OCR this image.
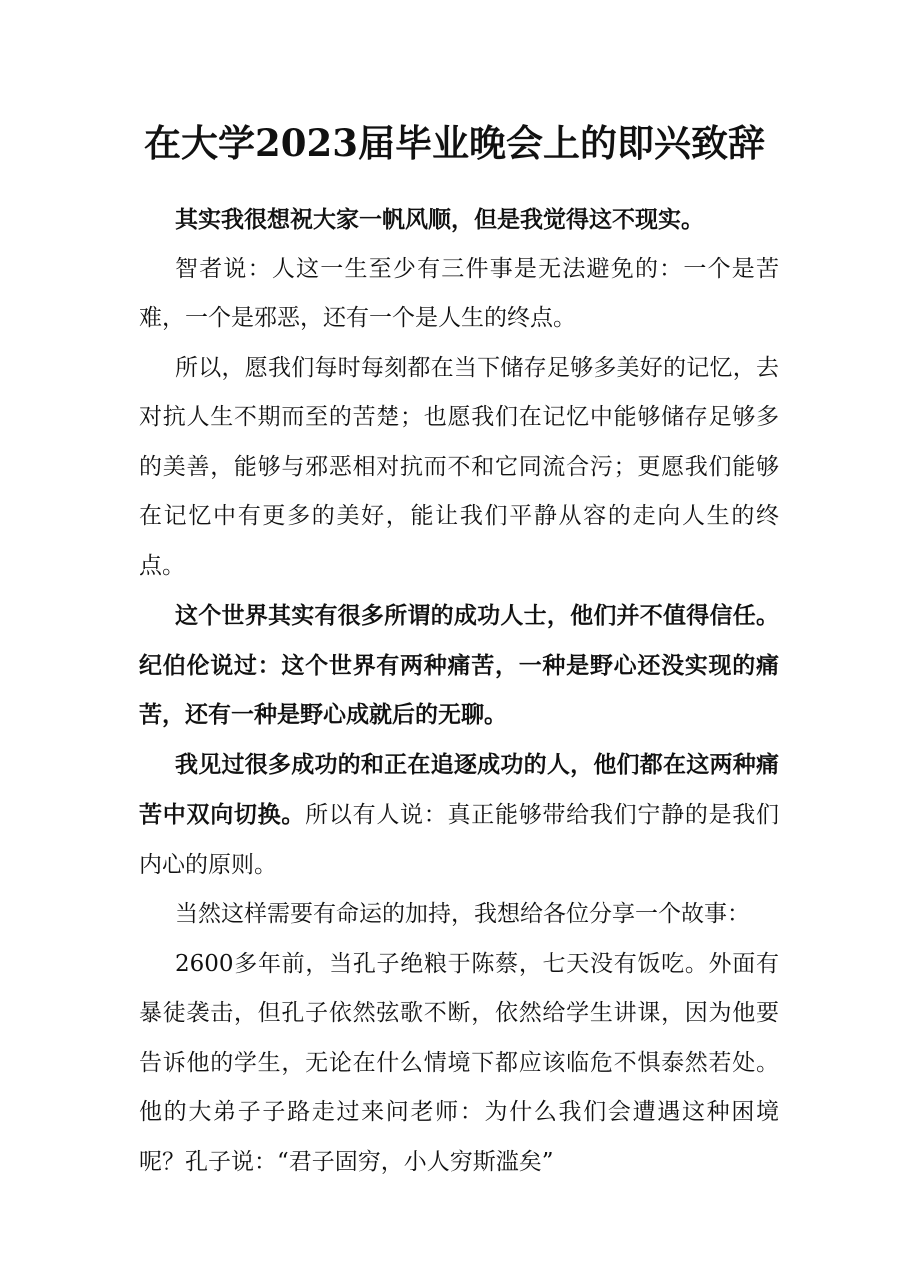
在大学2023届毕业晚会上的即兴致辞

其实我很想祝大家一帆风顺，但是我觉得这不现实。

智者说：人这一生至少有三件事是无法避免的：一个是苦难，一个是邪恶，还有一个是人生的终点。

所以，愿我们每时每刻都在当下储存足够多美好的记忆，去对抗人生不期而至的苦楚；也愿我们在记忆中能够储存足够多的美善，能够与邪恶相对抗而不和它同流合污；更愿我们能够在记忆中有更多的美好，能让我们平静从容的走向人生的终点。

这个世界其实有很多所谓的成功人士，他们并不值得信任。纪伯伦说过：这个世界有两种痛苦，一种是野心还没实现的痛苦，还有一种是野心成就后的无聊。

我见过很多成功的和正在追逐成功的人，他们都在这两种痛苦中双向切换。所以有人说：真正能够带给我们宁静的是我们内心的原则。

当然这样需要有命运的加持，我想给各位分享一个故事：

2600多年前，当孔子绝粮于陈蔡，七天没有饭吃。外面有暴徒袭击，但孔子依然弦歌不断，依然给学生讲课，因为他要告诉他的学生，无论在什么情境下都应该临危不惧泰然若处。他的大弟子子路走过来问老师：为什么我们会遭遇这种困境呢？孔子说：“君子固穷，小人穷斯滥矣”
